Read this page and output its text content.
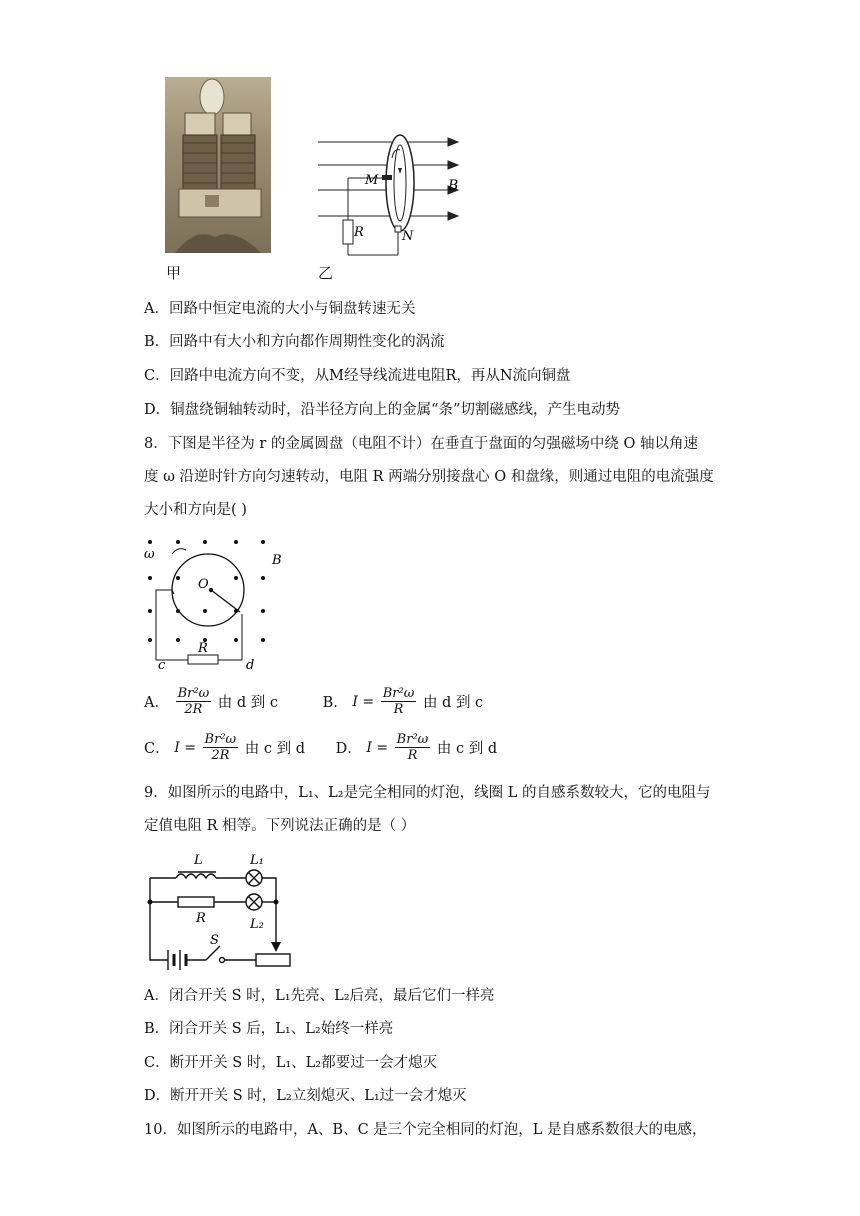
甲
M	B
R	N
乙
A．回路中恒定电流的大小与铜盘转速无关
B．回路中有大小和方向都作周期性变化的涡流
C．回路中电流方向不变，从M经导线流进电阻R，再从N流向铜盘
D．铜盘绕铜轴转动时，沿半径方向上的金属“条”切割磁感线，产生电动势
8．下图是半径为 r 的金属圆盘（电阻不计）在垂直于盘面的匀强磁场中绕 O 轴以角速
度 ω 沿逆时针方向匀速转动，电阻 R 两端分别接盘心 O 和盘缘，则通过电阻的电流强度
大小和方向是( )
ω	B
O
R
c	d
A． $\frac{\text{Br²ω}}{2R}$ 由 d 到 c	B． $I = \frac{\text{Br²ω}}{R}$ 由 d 到 c
C． $I = \frac{\text{Br²ω}}{2R}$ 由 c 到 d D． $I = \frac{\text{Br²ω}}{R}$ 由 c 到 d
9．如图所示的电路中，L₁、L₂是完全相同的灯泡，线圈 L 的自感系数较大，它的电阻与
定值电阻 R 相等。下列说法正确的是（ ）
L	L₁
R	L₂
S
A．闭合开关 S 时，L₁先亮、L₂后亮，最后它们一样亮
B．闭合开关 S 后，L₁、L₂始终一样亮
C．断开开关 S 时，L₁、L₂都要过一会才熄灭
D．断开开关 S 时，L₂立刻熄灭、L₁过一会才熄灭
10．如图所示的电路中，A、B、C 是三个完全相同的灯泡，L 是自感系数很大的电感，
